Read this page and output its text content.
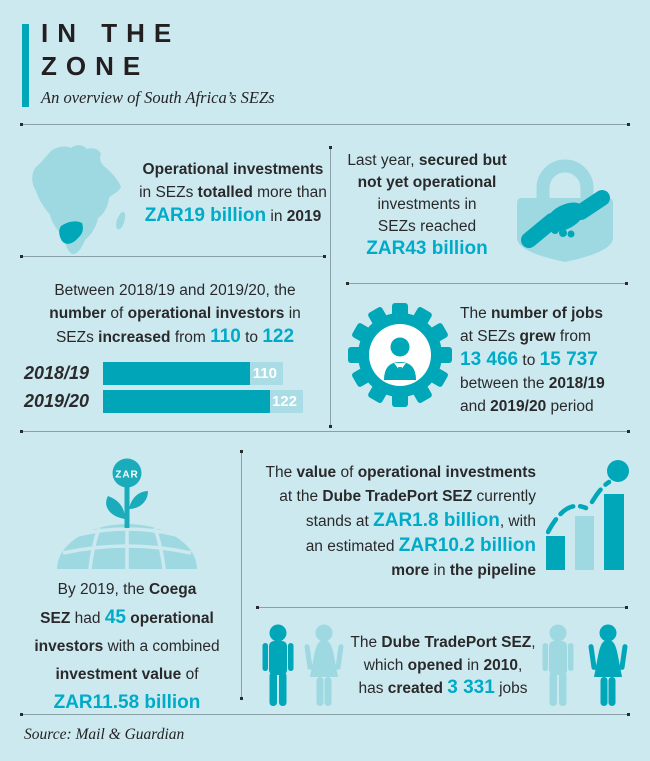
IN THE
ZONE
An overview of South Africa’s SEZs
Operational investments
in SEZs totalled more than
ZAR19 billion in 2019
Last year, secured but
not yet operational
investments in
SEZs reached
ZAR43 billion
Between 2018/19 and 2019/20, the
number of operational investors in
SEZs increased from 110 to 122
2018/19	110
2019/20	122
The number of jobs
at SEZs grew from
13 466 to 15 737
between the 2018/19
and 2019/20 period
ZAR
By 2019, the Coega
SEZ had 45 operational
investors with a combined
investment value of
ZAR11.58 billion
The value of operational investments
at the Dube TradePort SEZ currently
stands at ZAR1.8 billion, with
an estimated ZAR10.2 billion
more in the pipeline
The Dube TradePort SEZ,
which opened in 2010,
has created 3 331 jobs
Source: Mail & Guardian
